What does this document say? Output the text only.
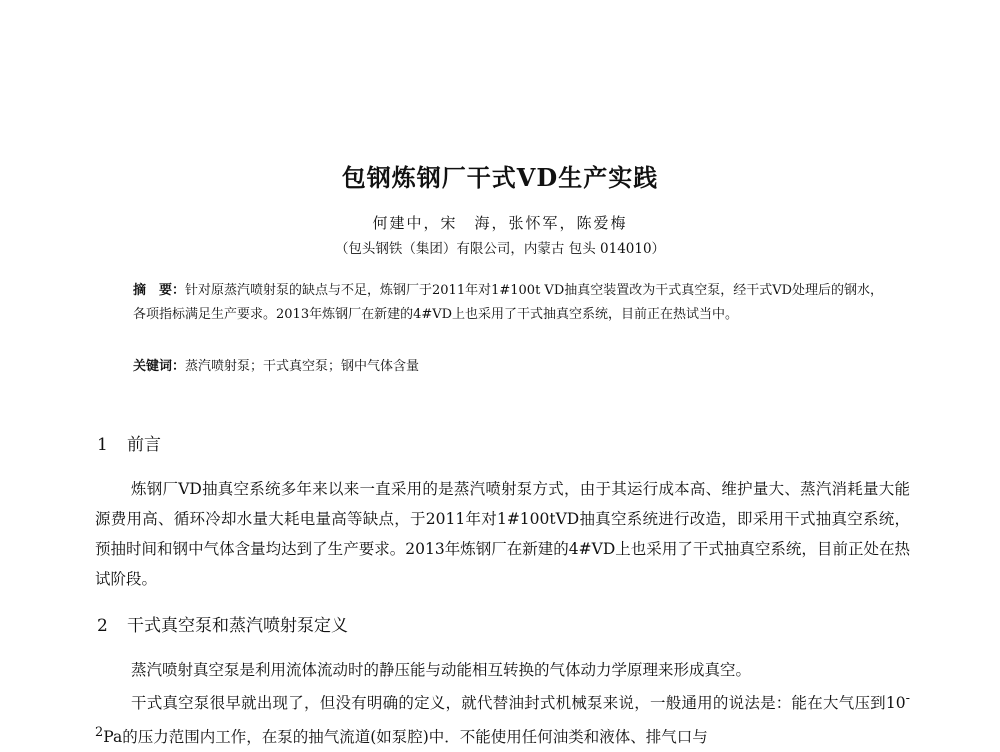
包钢炼钢厂干式VD生产实践
何建中，宋　海，张怀军，陈爱梅
（包头钢铁（集团）有限公司，内蒙古 包头 014010）
摘　要：针对原蒸汽喷射泵的缺点与不足，炼钢厂于2011年对1#100t VD抽真空装置改为干式真空泵，经干式VD处理后的钢水，各项指标满足生产要求。2013年炼钢厂在新建的4#VD上也采用了干式抽真空系统，目前正在热试当中。
关键词：蒸汽喷射泵；干式真空泵；钢中气体含量
1 前言
炼钢厂VD抽真空系统多年来以来一直采用的是蒸汽喷射泵方式，由于其运行成本高、维护量大、蒸汽消耗量大能源费用高、循环冷却水量大耗电量高等缺点，于2011年对1#100tVD抽真空系统进行改造，即采用干式抽真空系统，预抽时间和钢中气体含量均达到了生产要求。2013年炼钢厂在新建的4#VD上也采用了干式抽真空系统，目前正处在热试阶段。
2 干式真空泵和蒸汽喷射泵定义
蒸汽喷射真空泵是利用流体流动时的静压能与动能相互转换的气体动力学原理来形成真空。
干式真空泵很早就出现了，但没有明确的定义，就代替油封式机械泵来说，一般通用的说法是：能在大气压到$10^{-2}Pa$的压力范围内工作，在泵的抽气流道(如泵腔)中．不能使用任何油类和液体、排气口与
